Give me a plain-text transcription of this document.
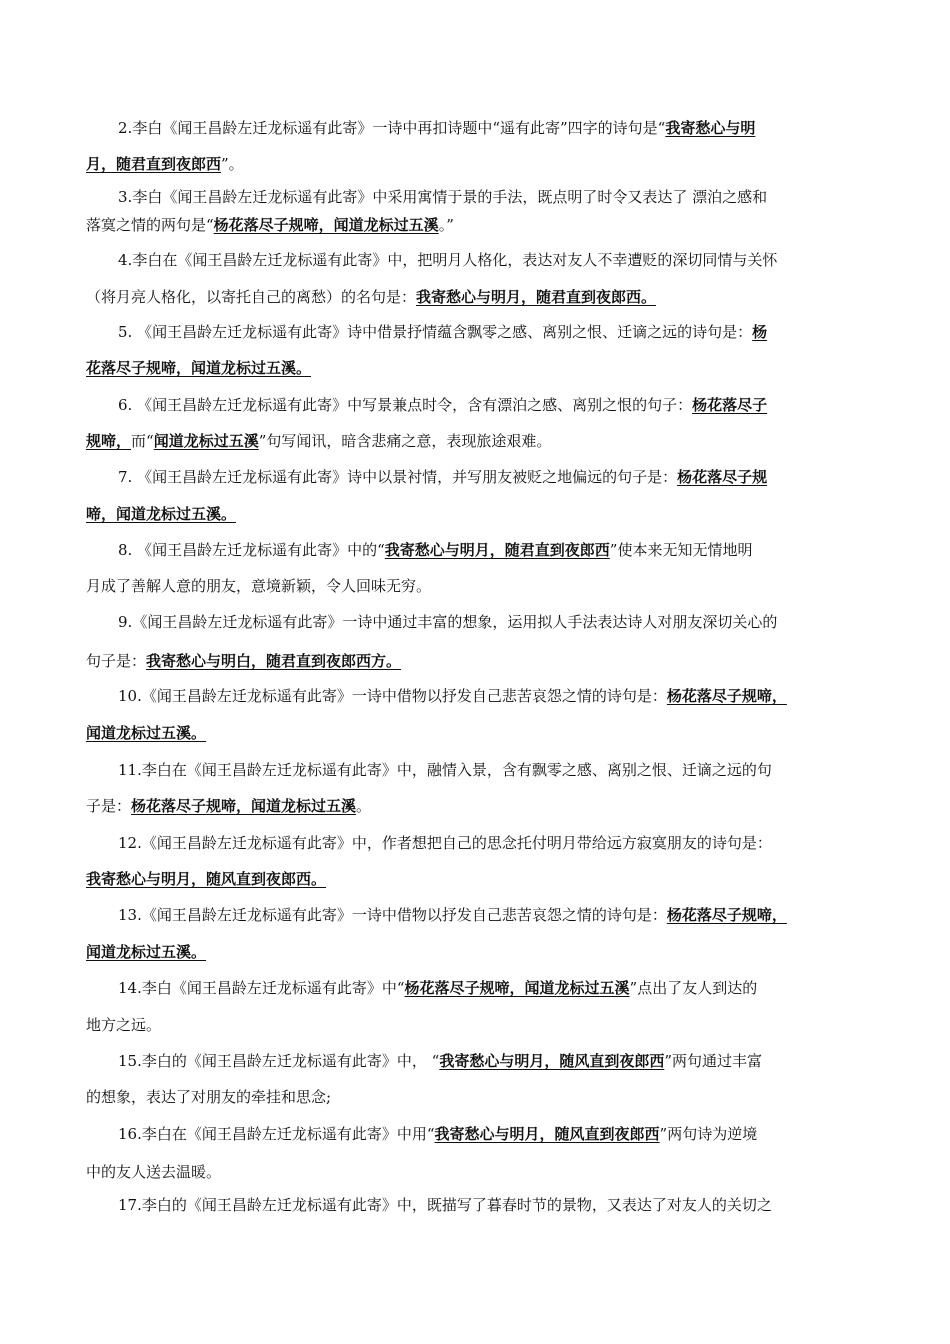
2.李白《闻王昌龄左迁龙标遥有此寄》一诗中再扣诗题中“遥有此寄”四字的诗句是“我寄愁心与明
月，随君直到夜郎西”。
3.李白《闻王昌龄左迁龙标遥有此寄》中采用寓情于景的手法，既点明了时令又表达了 漂泊之感和
落寞之情的两句是“杨花落尽子规啼，闻道龙标过五溪。”
4.李白在《闻王昌龄左迁龙标遥有此寄》中，把明月人格化，表达对友人不幸遭贬的深切同情与关怀
（将月亮人格化，以寄托自己的离愁）的名句是：我寄愁心与明月，随君直到夜郎西。
5. 《闻王昌龄左迁龙标遥有此寄》诗中借景抒情蕴含飘零之感、离别之恨、迁谪之远的诗句是：杨
花落尽子规啼，闻道龙标过五溪。
6. 《闻王昌龄左迁龙标遥有此寄》中写景兼点时令，含有漂泊之感、离别之恨的句子：杨花落尽子
规啼，而“闻道龙标过五溪”句写闻讯，暗含悲痛之意，表现旅途艰难。
7. 《闻王昌龄左迁龙标遥有此寄》诗中以景衬情，并写朋友被贬之地偏远的句子是：杨花落尽子规
啼，闻道龙标过五溪。
8. 《闻王昌龄左迁龙标遥有此寄》中的“我寄愁心与明月，随君直到夜郎西”使本来无知无情地明
月成了善解人意的朋友，意境新颖，令人回味无穷。
9.《闻王昌龄左迁龙标遥有此寄》一诗中通过丰富的想象，运用拟人手法表达诗人对朋友深切关心的
句子是：我寄愁心与明白，随君直到夜郎西方。
10.《闻王昌龄左迁龙标遥有此寄》一诗中借物以抒发自己悲苦哀怨之情的诗句是：杨花落尽子规啼，
闻道龙标过五溪。
11.李白在《闻王昌龄左迁龙标遥有此寄》中，融情入景，含有飘零之感、离别之恨、迁谪之远的句
子是：杨花落尽子规啼，闻道龙标过五溪。
12.《闻王昌龄左迁龙标遥有此寄》中，作者想把自己的思念托付明月带给远方寂寞朋友的诗句是：
我寄愁心与明月，随风直到夜郎西。
13.《闻王昌龄左迁龙标遥有此寄》一诗中借物以抒发自己悲苦哀怨之情的诗句是：杨花落尽子规啼，
闻道龙标过五溪。
14.李白《闻王昌龄左迁龙标遥有此寄》中“杨花落尽子规啼，闻道龙标过五溪”点出了友人到达的
地方之远。
15.李白的《闻王昌龄左迁龙标遥有此寄》中， “我寄愁心与明月，随风直到夜郎西”两句通过丰富
的想象，表达了对朋友的牵挂和思念;
16.李白在《闻王昌龄左迁龙标遥有此寄》中用“我寄愁心与明月，随风直到夜郎西”两句诗为逆境
中的友人送去温暖。
17.李白的《闻王昌龄左迁龙标遥有此寄》中，既描写了暮春时节的景物，又表达了对友人的关切之
